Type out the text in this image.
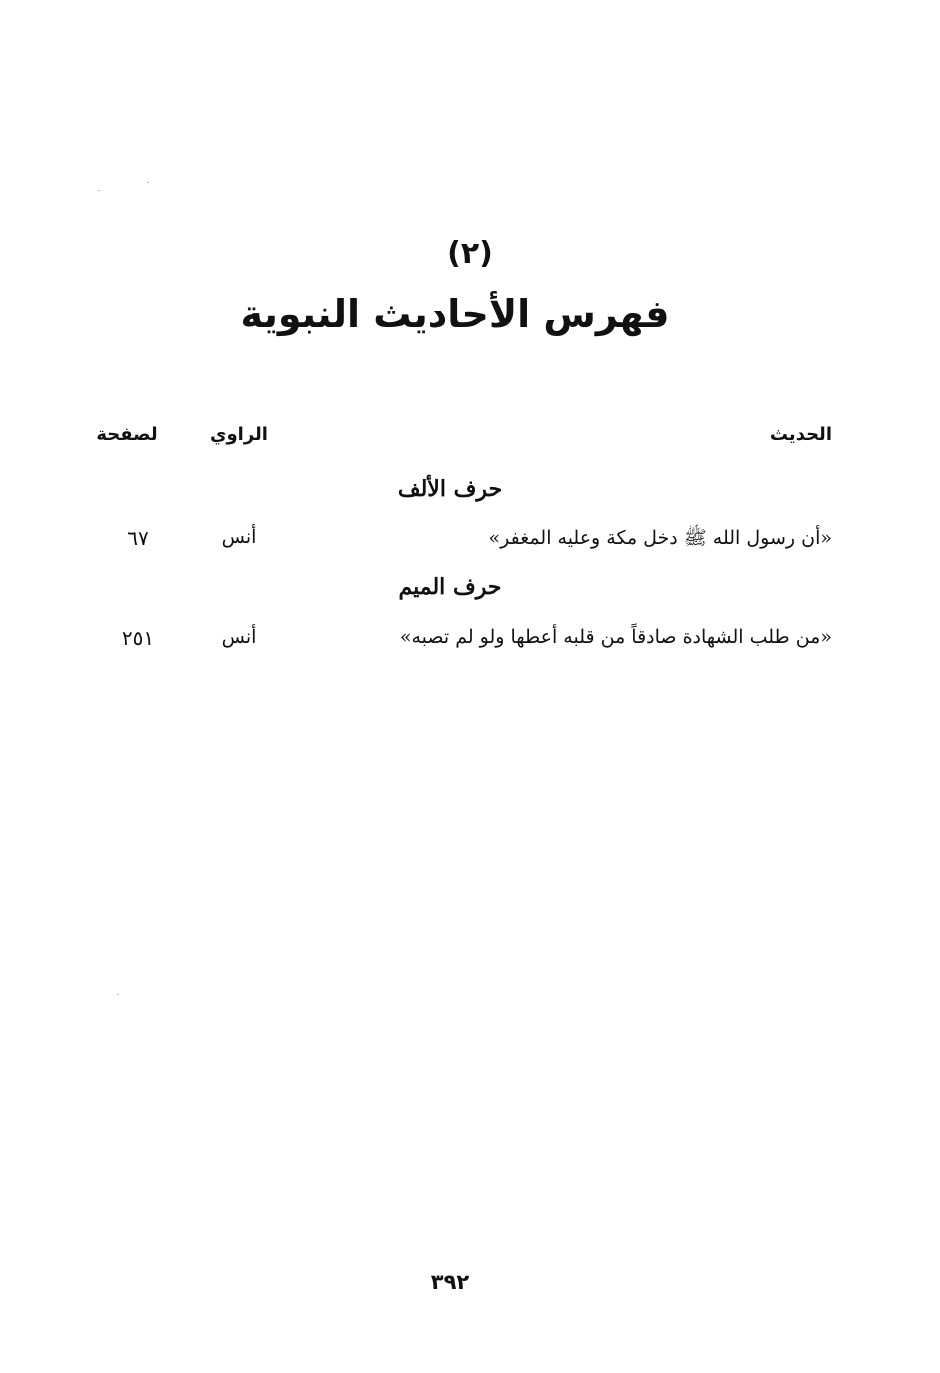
(٢)
فهرس الأحاديث النبوية
الحديث
الراوي
لصفحة
حرف الألف
«أن رسول الله ﷺ دخل مكة وعليه المغفر»
أنس
٦٧
حرف الميم
«من طلب الشهادة صادقاً من قلبه أعطها ولو لم تصبه»
أنس
٢٥١
٣٩٢
